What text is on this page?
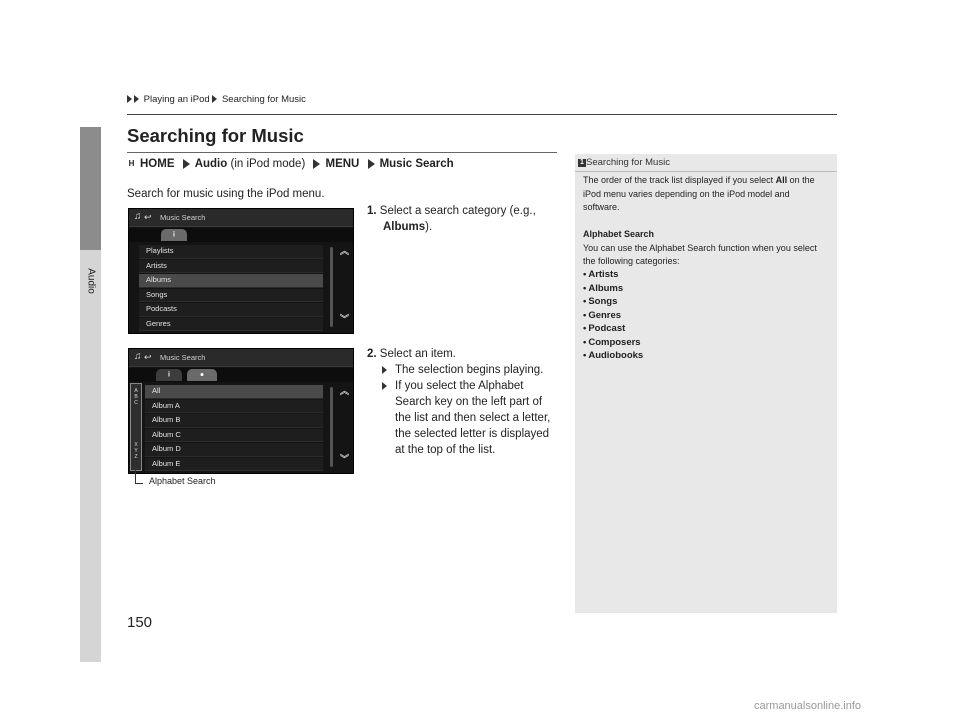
Audio
Playing an iPod Searching for Music
Searching for Music
H HOME Audio (in iPod mode) MENU Music Search
Search for music using the iPod menu.
1. Select a search category (e.g.,
Albums).
♫ ↩ Music Search
i
Playlists
Artists
Albums
Songs
Podcasts
Genres
︽
︾
2. Select an item.
The selection begins playing.
If you select the Alphabet
Search key on the left part of
the list and then select a letter,
the selected letter is displayed
at the top of the list.
♫ ↩ Music Search
i	●
A
B
C
X
Y
Z
All
Album A
Album B
Album C
Album D
Album E
︽
︾
Alphabet Search
1 Searching for Music
The order of the track list displayed if you select All on the iPod menu varies depending on the iPod model and software.
Alphabet Search
You can use the Alphabet Search function when you select the following categories:
• Artists
• Albums
• Songs
• Genres
• Podcast
• Composers
• Audiobooks
150
carmanualsonline.info
